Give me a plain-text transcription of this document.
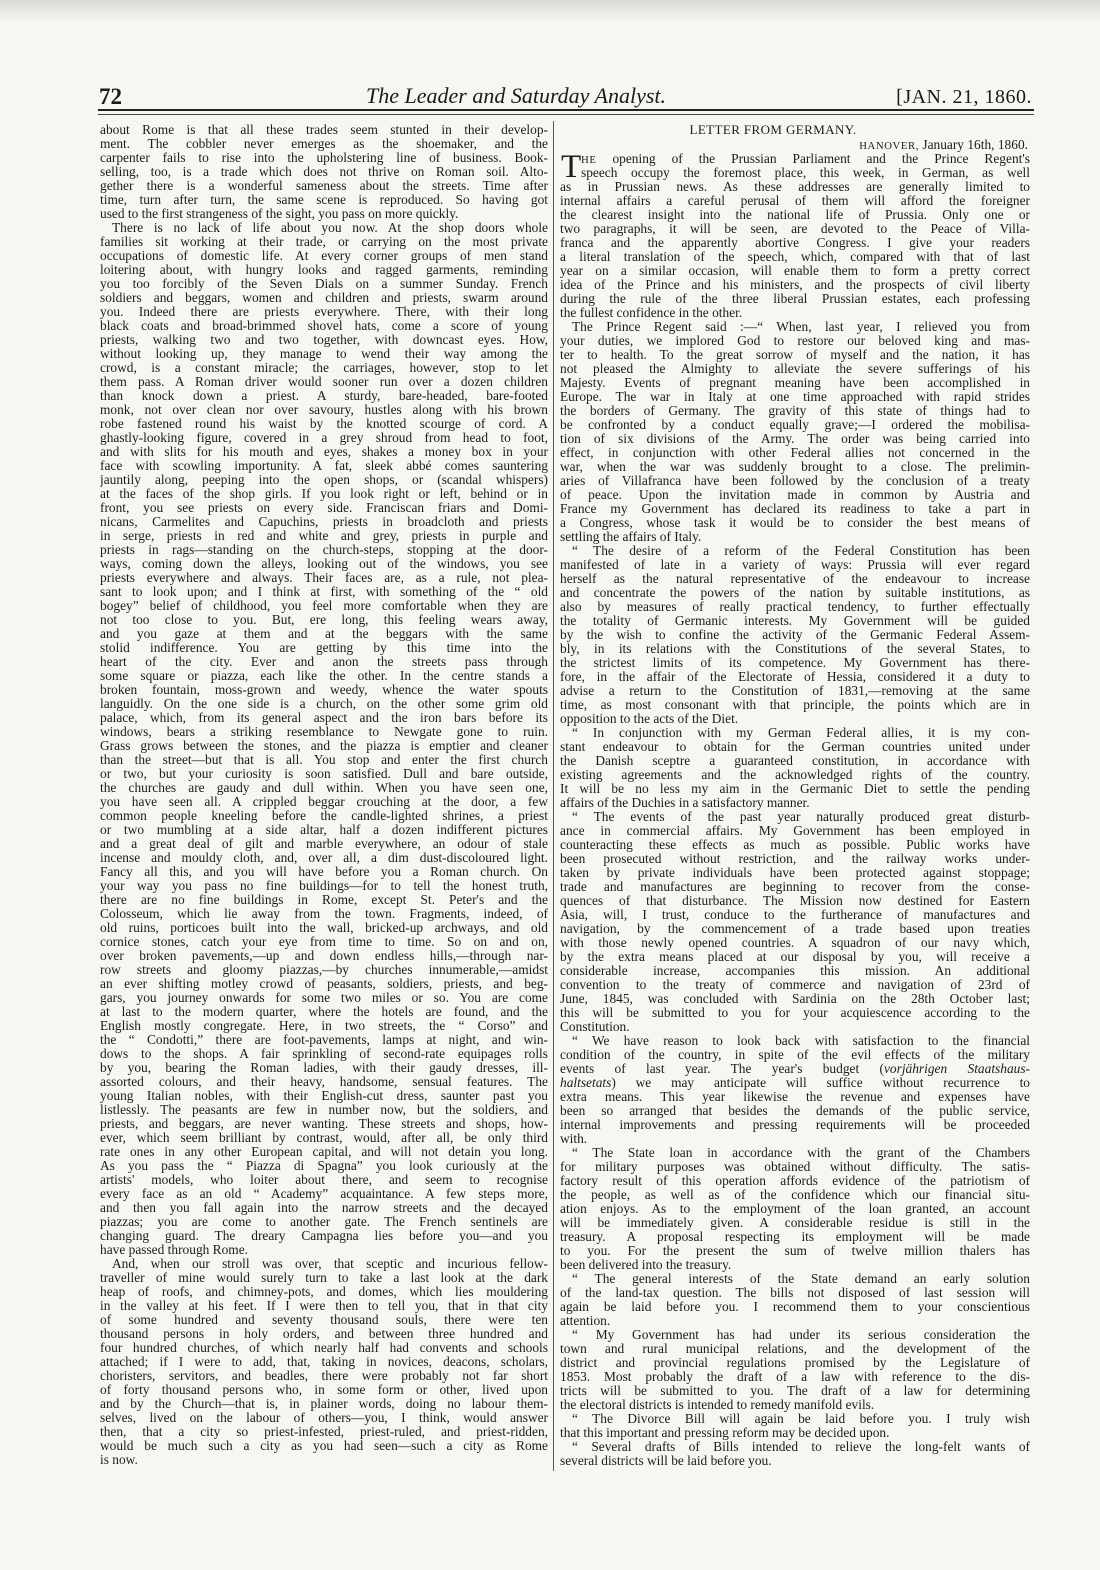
72	The Leader and Saturday Analyst.	[JAN. 21, 1860.
about Rome is that all these trades seem stunted in their develop-
ment. The cobbler never emerges as the shoemaker, and the
carpenter fails to rise into the upholstering line of business. Book-
selling, too, is a trade which does not thrive on Roman soil. Alto-
gether there is a wonderful sameness about the streets. Time after
time, turn after turn, the same scene is reproduced. So having got
used to the first strangeness of the sight, you pass on more quickly.
There is no lack of life about you now. At the shop doors whole
families sit working at their trade, or carrying on the most private
occupations of domestic life. At every corner groups of men stand
loitering about, with hungry looks and ragged garments, reminding
you too forcibly of the Seven Dials on a summer Sunday. French
soldiers and beggars, women and children and priests, swarm around
you. Indeed there are priests everywhere. There, with their long
black coats and broad-brimmed shovel hats, come a score of young
priests, walking two and two together, with downcast eyes. How,
without looking up, they manage to wend their way among the
crowd, is a constant miracle; the carriages, however, stop to let
them pass. A Roman driver would sooner run over a dozen children
than knock down a priest. A sturdy, bare-headed, bare-footed
monk, not over clean nor over savoury, hustles along with his brown
robe fastened round his waist by the knotted scourge of cord. A
ghastly-looking figure, covered in a grey shroud from head to foot,
and with slits for his mouth and eyes, shakes a money box in your
face with scowling importunity. A fat, sleek abbé comes sauntering
jauntily along, peeping into the open shops, or (scandal whispers)
at the faces of the shop girls. If you look right or left, behind or in
front, you see priests on every side. Franciscan friars and Domi-
nicans, Carmelites and Capuchins, priests in broadcloth and priests
in serge, priests in red and white and grey, priests in purple and
priests in rags—standing on the church-steps, stopping at the door-
ways, coming down the alleys, looking out of the windows, you see
priests everywhere and always. Their faces are, as a rule, not plea-
sant to look upon; and I think at first, with something of the “ old
bogey” belief of childhood, you feel more comfortable when they are
not too close to you. But, ere long, this feeling wears away,
and you gaze at them and at the beggars with the same
stolid indifference. You are getting by this time into the
heart of the city. Ever and anon the streets pass through
some square or piazza, each like the other. In the centre stands a
broken fountain, moss-grown and weedy, whence the water spouts
languidly. On the one side is a church, on the other some grim old
palace, which, from its general aspect and the iron bars before its
windows, bears a striking resemblance to Newgate gone to ruin.
Grass grows between the stones, and the piazza is emptier and cleaner
than the street—but that is all. You stop and enter the first church
or two, but your curiosity is soon satisfied. Dull and bare outside,
the churches are gaudy and dull within. When you have seen one,
you have seen all. A crippled beggar crouching at the door, a few
common people kneeling before the candle-lighted shrines, a priest
or two mumbling at a side altar, half a dozen indifferent pictures
and a great deal of gilt and marble everywhere, an odour of stale
incense and mouldy cloth, and, over all, a dim dust-discoloured light.
Fancy all this, and you will have before you a Roman church. On
your way you pass no fine buildings—for to tell the honest truth,
there are no fine buildings in Rome, except St. Peter's and the
Colosseum, which lie away from the town. Fragments, indeed, of
old ruins, porticoes built into the wall, bricked-up archways, and old
cornice stones, catch your eye from time to time. So on and on,
over broken pavements,—up and down endless hills,—through nar-
row streets and gloomy piazzas,—by churches innumerable,—amidst
an ever shifting motley crowd of peasants, soldiers, priests, and beg-
gars, you journey onwards for some two miles or so. You are come
at last to the modern quarter, where the hotels are found, and the
English mostly congregate. Here, in two streets, the “ Corso” and
the “ Condotti,” there are foot-pavements, lamps at night, and win-
dows to the shops. A fair sprinkling of second-rate equipages rolls
by you, bearing the Roman ladies, with their gaudy dresses, ill-
assorted colours, and their heavy, handsome, sensual features. The
young Italian nobles, with their English-cut dress, saunter past you
listlessly. The peasants are few in number now, but the soldiers, and
priests, and beggars, are never wanting. These streets and shops, how-
ever, which seem brilliant by contrast, would, after all, be only third
rate ones in any other European capital, and will not detain you long.
As you pass the “ Piazza di Spagna” you look curiously at the
artists' models, who loiter about there, and seem to recognise
every face as an old “ Academy” acquaintance. A few steps more,
and then you fall again into the narrow streets and the decayed
piazzas; you are come to another gate. The French sentinels are
changing guard. The dreary Campagna lies before you—and you
have passed through Rome.
And, when our stroll was over, that sceptic and incurious fellow-
traveller of mine would surely turn to take a last look at the dark
heap of roofs, and chimney-pots, and domes, which lies mouldering
in the valley at his feet. If I were then to tell you, that in that city
of some hundred and seventy thousand souls, there were ten
thousand persons in holy orders, and between three hundred and
four hundred churches, of which nearly half had convents and schools
attached; if I were to add, that, taking in novices, deacons, scholars,
choristers, servitors, and beadles, there were probably not far short
of forty thousand persons who, in some form or other, lived upon
and by the Church—that is, in plainer words, doing no labour them-
selves, lived on the labour of others—you, I think, would answer
then, that a city so priest-infested, priest-ruled, and priest-ridden,
would be much such a city as you had seen—such a city as Rome
is now.
LETTER FROM GERMANY.
HANOVER, January 16th, 1860.
T HE opening of the Prussian Parliament and the Prince Regent's
speech occupy the foremost place, this week, in German, as well
as in Prussian news. As these addresses are generally limited to
internal affairs a careful perusal of them will afford the foreigner
the clearest insight into the national life of Prussia. Only one or
two paragraphs, it will be seen, are devoted to the Peace of Villa-
franca and the apparently abortive Congress. I give your readers
a literal translation of the speech, which, compared with that of last
year on a similar occasion, will enable them to form a pretty correct
idea of the Prince and his ministers, and the prospects of civil liberty
during the rule of the three liberal Prussian estates, each professing
the fullest confidence in the other.
The Prince Regent said :—“ When, last year, I relieved you from
your duties, we implored God to restore our beloved king and mas-
ter to health. To the great sorrow of myself and the nation, it has
not pleased the Almighty to alleviate the severe sufferings of his
Majesty. Events of pregnant meaning have been accomplished in
Europe. The war in Italy at one time approached with rapid strides
the borders of Germany. The gravity of this state of things had to
be confronted by a conduct equally grave;—I ordered the mobilisa-
tion of six divisions of the Army. The order was being carried into
effect, in conjunction with other Federal allies not concerned in the
war, when the war was suddenly brought to a close. The prelimin-
aries of Villafranca have been followed by the conclusion of a treaty
of peace. Upon the invitation made in common by Austria and
France my Government has declared its readiness to take a part in
a Congress, whose task it would be to consider the best means of
settling the affairs of Italy.
“ The desire of a reform of the Federal Constitution has been
manifested of late in a variety of ways: Prussia will ever regard
herself as the natural representative of the endeavour to increase
and concentrate the powers of the nation by suitable institutions, as
also by measures of really practical tendency, to further effectually
the totality of Germanic interests. My Government will be guided
by the wish to confine the activity of the Germanic Federal Assem-
bly, in its relations with the Constitutions of the several States, to
the strictest limits of its competence. My Government has there-
fore, in the affair of the Electorate of Hessia, considered it a duty to
advise a return to the Constitution of 1831,—removing at the same
time, as most consonant with that principle, the points which are in
opposition to the acts of the Diet.
“ In conjunction with my German Federal allies, it is my con-
stant endeavour to obtain for the German countries united under
the Danish sceptre a guaranteed constitution, in accordance with
existing agreements and the acknowledged rights of the country.
It will be no less my aim in the Germanic Diet to settle the pending
affairs of the Duchies in a satisfactory manner.
“ The events of the past year naturally produced great disturb-
ance in commercial affairs. My Government has been employed in
counteracting these effects as much as possible. Public works have
been prosecuted without restriction, and the railway works under-
taken by private individuals have been protected against stoppage;
trade and manufactures are beginning to recover from the conse-
quences of that disturbance. The Mission now destined for Eastern
Asia, will, I trust, conduce to the furtherance of manufactures and
navigation, by the commencement of a trade based upon treaties
with those newly opened countries. A squadron of our navy which,
by the extra means placed at our disposal by you, will receive a
considerable increase, accompanies this mission. An additional
convention to the treaty of commerce and navigation of 23rd of
June, 1845, was concluded with Sardinia on the 28th October last;
this will be submitted to you for your acquiescence according to the
Constitution.
“ We have reason to look back with satisfaction to the financial
condition of the country, in spite of the evil effects of the military
events of last year. The year's budget (vorjährigen Staatshaus-
haltsetats) we may anticipate will suffice without recurrence to
extra means. This year likewise the revenue and expenses have
been so arranged that besides the demands of the public service,
internal improvements and pressing requirements will be proceeded
with.
“ The State loan in accordance with the grant of the Chambers
for military purposes was obtained without difficulty. The satis-
factory result of this operation affords evidence of the patriotism of
the people, as well as of the confidence which our financial situ-
ation enjoys. As to the employment of the loan granted, an account
will be immediately given. A considerable residue is still in the
treasury. A proposal respecting its employment will be made
to you. For the present the sum of twelve million thalers has
been delivered into the treasury.
“ The general interests of the State demand an early solution
of the land-tax question. The bills not disposed of last session will
again be laid before you. I recommend them to your conscientious
attention.
“ My Government has had under its serious consideration the
town and rural municipal relations, and the development of the
district and provincial regulations promised by the Legislature of
1853. Most probably the draft of a law with reference to the dis-
tricts will be submitted to you. The draft of a law for determining
the electoral districts is intended to remedy manifold evils.
“ The Divorce Bill will again be laid before you. I truly wish
that this important and pressing reform may be decided upon.
“ Several drafts of Bills intended to relieve the long-felt wants of
several districts will be laid before you.
